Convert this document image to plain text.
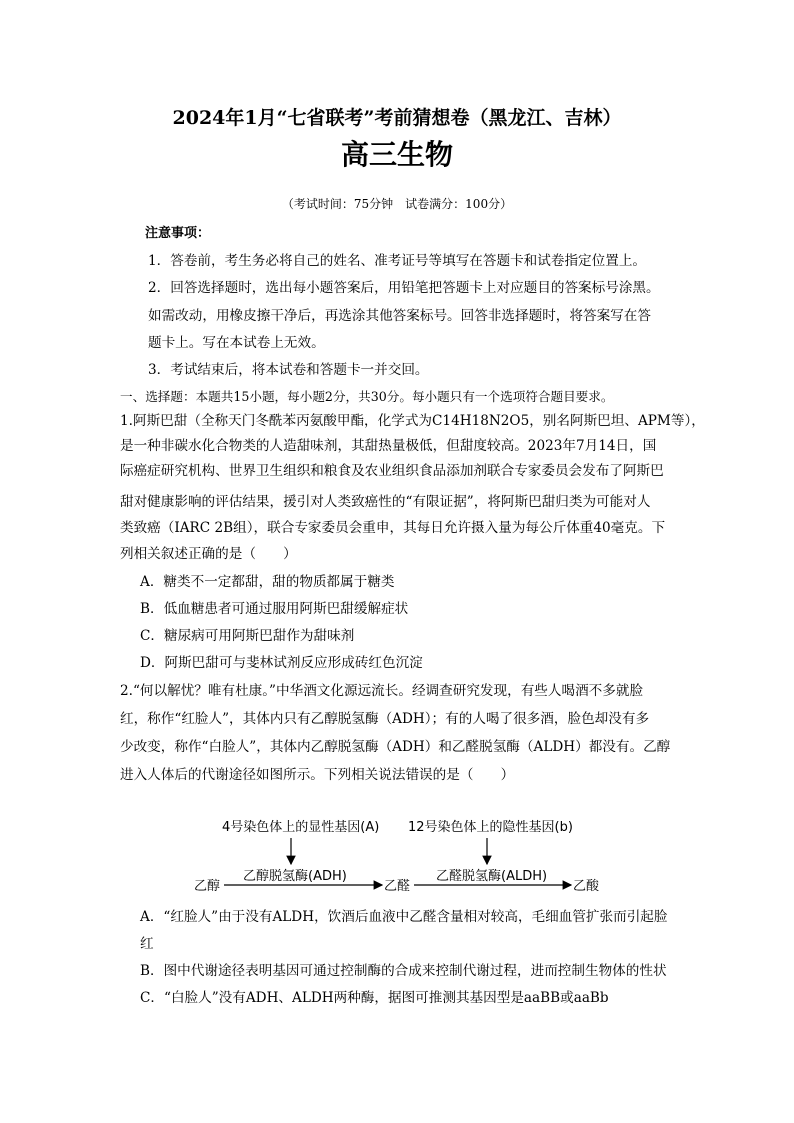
2024年1月“七省联考”考前猜想卷（黑龙江、吉林）
高三生物
（考试时间：75分钟　试卷满分：100分）
注意事项：
1．答卷前，考生务必将自己的姓名、准考证号等填写在答题卡和试卷指定位置上。
2．回答选择题时，选出每小题答案后，用铅笔把答题卡上对应题目的答案标号涂黑。
如需改动，用橡皮擦干净后，再选涂其他答案标号。回答非选择题时，将答案写在答
题卡上。写在本试卷上无效。
3．考试结束后，将本试卷和答题卡一并交回。
一、选择题：本题共15小题，每小题2分，共30分。每小题只有一个选项符合题目要求。
1.阿斯巴甜（全称天门冬酰苯丙氨酸甲酯，化学式为C14H18N2O5，别名阿斯巴坦、APM等），
是一种非碳水化合物类的人造甜味剂，其甜热量极低，但甜度较高。2023年7月14日，国
际癌症研究机构、世界卫生组织和粮食及农业组织食品添加剂联合专家委员会发布了阿斯巴
甜对健康影响的评估结果，援引对人类致癌性的“有限证据”，将阿斯巴甜归类为可能对人
类致癌（IARC 2B组），联合专家委员会重申，其每日允许摄入量为每公斤体重40毫克。下
列相关叙述正确的是（　　）
A．糖类不一定都甜，甜的物质都属于糖类
B．低血糖患者可通过服用阿斯巴甜缓解症状
C．糖尿病可用阿斯巴甜作为甜味剂
D．阿斯巴甜可与斐林试剂反应形成砖红色沉淀
2.“何以解忧？唯有杜康。”中华酒文化源远流长。经调查研究发现，有些人喝酒不多就脸
红，称作“红脸人”，其体内只有乙醇脱氢酶（ADH）；有的人喝了很多酒，脸色却没有多
少改变，称作“白脸人”，其体内乙醇脱氢酶（ADH）和乙醛脱氢酶（ALDH）都没有。乙醇
进入人体后的代谢途径如图所示。下列相关说法错误的是（　　）
4号染色体上的显性基因(A) 12号染色体上的隐性基因(b)
乙醇脱氢酶(ADH)	乙醛脱氢酶(ALDH)
乙醇	乙醛	乙酸
A．“红脸人”由于没有ALDH，饮酒后血液中乙醛含量相对较高，毛细血管扩张而引起脸
红
B．图中代谢途径表明基因可通过控制酶的合成来控制代谢过程，进而控制生物体的性状
C．“白脸人”没有ADH、ALDH两种酶，据图可推测其基因型是aaBB或aaBb
